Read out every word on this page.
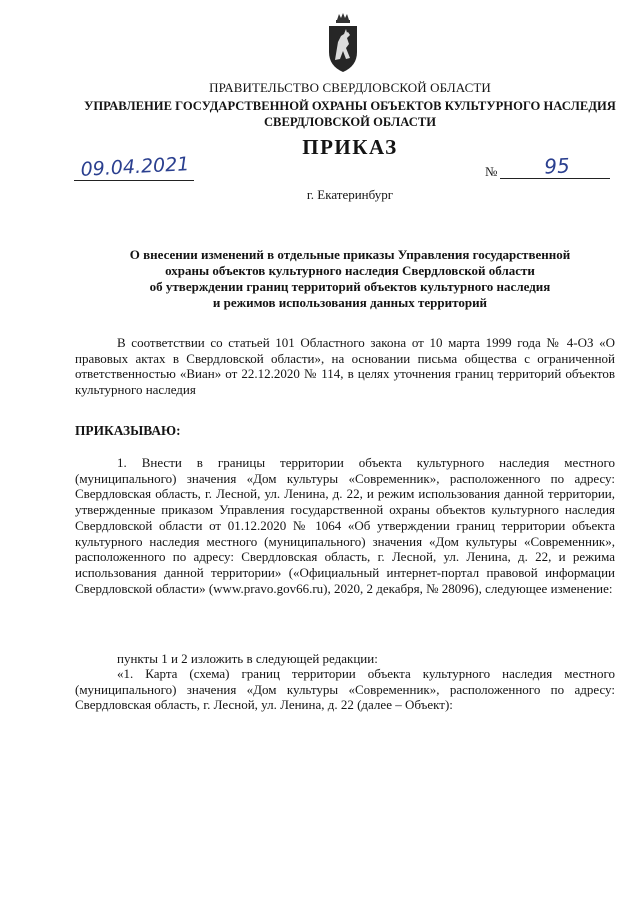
ПРАВИТЕЛЬСТВО СВЕРДЛОВСКОЙ ОБЛАСТИ
УПРАВЛЕНИЕ ГОСУДАРСТВЕННОЙ ОХРАНЫ ОБЪЕКТОВ КУЛЬТУРНОГО НАСЛЕДИЯ
СВЕРДЛОВСКОЙ ОБЛАСТИ
ПРИКАЗ
09.04.2021	№	95
г. Екатеринбург
О внесении изменений в отдельные приказы Управления государственной
охраны объектов культурного наследия Свердловской области
об утверждении границ территорий объектов культурного наследия
и режимов использования данных территорий
В соответствии со статьей 101 Областного закона от 10 марта 1999 года № 4-ОЗ «О правовых актах в Свердловской области», на основании письма общества с ограниченной ответственностью «Виан» от 22.12.2020 № 114, в целях уточнения границ территорий объектов культурного наследия
ПРИКАЗЫВАЮ:
1. Внести в границы территории объекта культурного наследия местного (муниципального) значения «Дом культуры «Современник», расположенного по адресу: Свердловская область, г. Лесной, ул. Ленина, д. 22, и режим использования данной территории, утвержденные приказом Управления государственной охраны объектов культурного наследия Свердловской области от 01.12.2020 № 1064 «Об утверждении границ территории объекта культурного наследия местного (муниципального) значения «Дом культуры «Современник», расположенного по адресу: Свердловская область, г. Лесной, ул. Ленина, д. 22, и режима использования данной территории» («Официальный интернет-портал правовой информации Свердловской области» (www.pravo.gov66.ru), 2020, 2 декабря, № 28096), следующее изменение:
пункты 1 и 2 изложить в следующей редакции:
«1. Карта (схема) границ территории объекта культурного наследия местного (муниципального) значения «Дом культуры «Современник», расположенного по адресу: Свердловская область, г. Лесной, ул. Ленина, д. 22 (далее – Объект):
